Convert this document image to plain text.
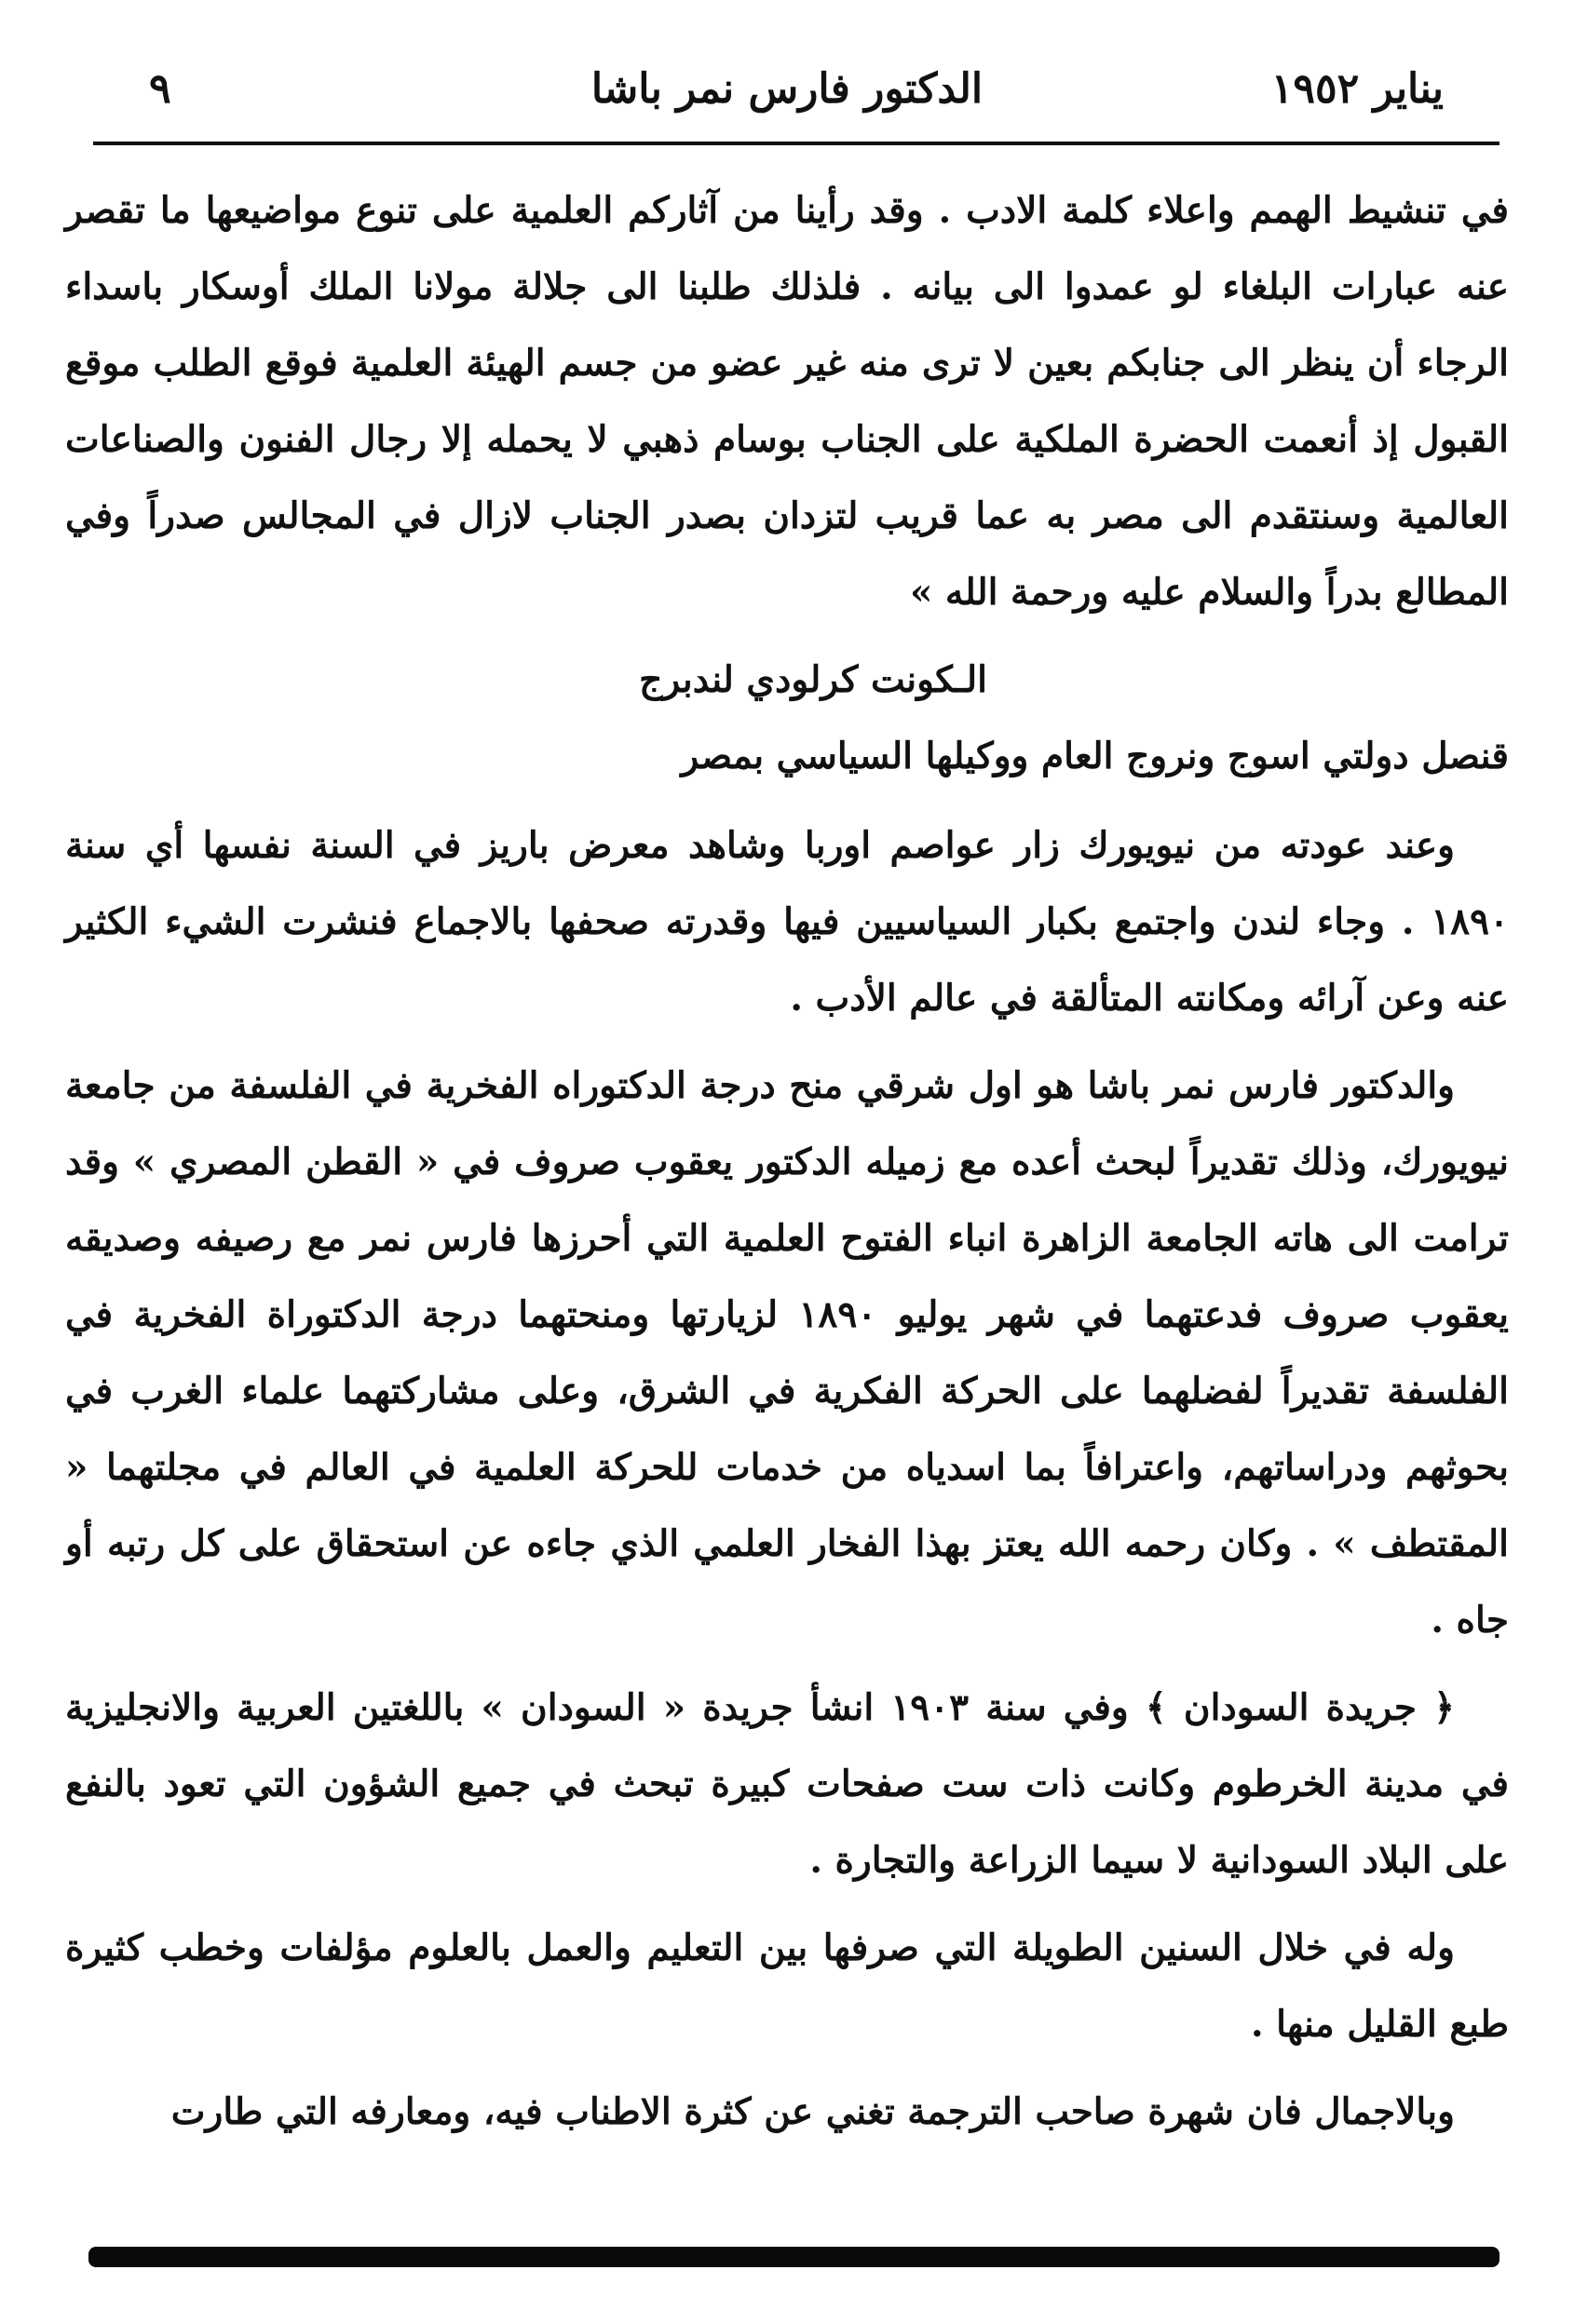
يناير ١٩٥٢
الدكتور فارس نمر باشا
٩

في تنشيط الهمم واعلاء كلمة الادب . وقد رأينا من آثاركم العلمية على تنوع مواضيعها ما تقصر عنه عبارات البلغاء لو عمدوا الى بيانه . فلذلك طلبنا الى جلالة مولانا الملك أوسكار باسداء الرجاء أن ينظر الى جنابكم بعين لا ترى منه غير عضو من جسم الهيئة العلمية فوقع الطلب موقع القبول إذ أنعمت الحضرة الملكية على الجناب بوسام ذهبي لا يحمله إلا رجال الفنون والصناعات العالمية وسنتقدم الى مصر به عما قريب لتزدان بصدر الجناب لازال في المجالس صدراً وفي المطالع بدراً والسلام عليه ورحمة الله »

الـكونت كرلودي لندبرج

قنصل دولتي اسوج ونروج العام ووكيلها السياسي بمصر

وعند عودته من نيويورك زار عواصم اوربا وشاهد معرض باريز في السنة نفسها أي سنة ١٨٩٠ . وجاء لندن واجتمع بكبار السياسيين فيها وقدرته صحفها بالاجماع فنشرت الشيء الكثير عنه وعن آرائه ومكانته المتألقة في عالم الأدب .

والدكتور فارس نمر باشا هو اول شرقي منح درجة الدكتوراه الفخرية في الفلسفة من جامعة نيويورك، وذلك تقديراً لبحث أعده مع زميله الدكتور يعقوب صروف في « القطن المصري » وقد ترامت الى هاته الجامعة الزاهرة انباء الفتوح العلمية التي أحرزها فارس نمر مع رصيفه وصديقه يعقوب صروف فدعتهما في شهر يوليو ١٨٩٠ لزيارتها ومنحتهما درجة الدكتوراة الفخرية في الفلسفة تقديراً لفضلهما على الحركة الفكرية في الشرق، وعلى مشاركتهما علماء الغرب في بحوثهم ودراساتهم، واعترافاً بما اسدياه من خدمات للحركة العلمية في العالم في مجلتهما « المقتطف » . وكان رحمه الله يعتز بهذا الفخار العلمي الذي جاءه عن استحقاق على كل رتبه أو جاه .

﴿ جريدة السودان ﴾ وفي سنة ١٩٠٣ انشأ جريدة « السودان » باللغتين العربية والانجليزية في مدينة الخرطوم وكانت ذات ست صفحات كبيرة تبحث في جميع الشؤون التي تعود بالنفع على البلاد السودانية لا سيما الزراعة والتجارة .

وله في خلال السنين الطويلة التي صرفها بين التعليم والعمل بالعلوم مؤلفات وخطب كثيرة طبع القليل منها .

وبالاجمال فان شهرة صاحب الترجمة تغني عن كثرة الاطناب فيه، ومعارفه التي طارت
